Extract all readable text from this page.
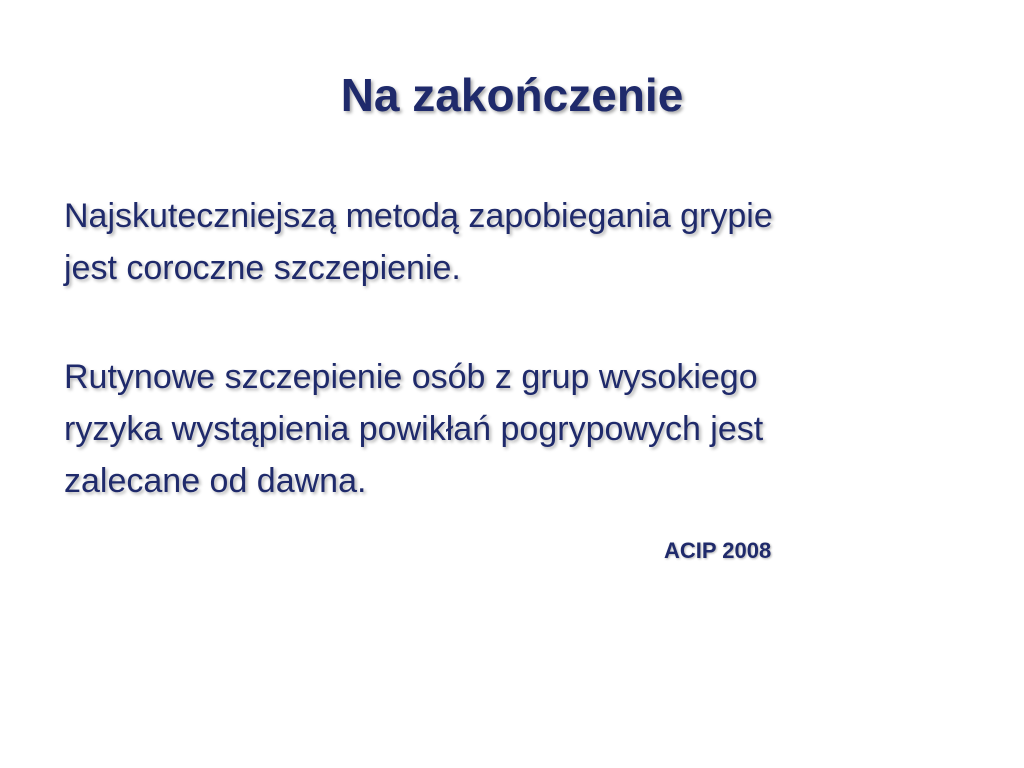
Na zakończenie

Najskuteczniejszą metodą zapobiegania grypie
jest coroczne szczepienie.

Rutynowe szczepienie osób z grup wysokiego
ryzyka wystąpienia powikłań pogrypowych jest
zalecane od dawna.

ACIP 2008
